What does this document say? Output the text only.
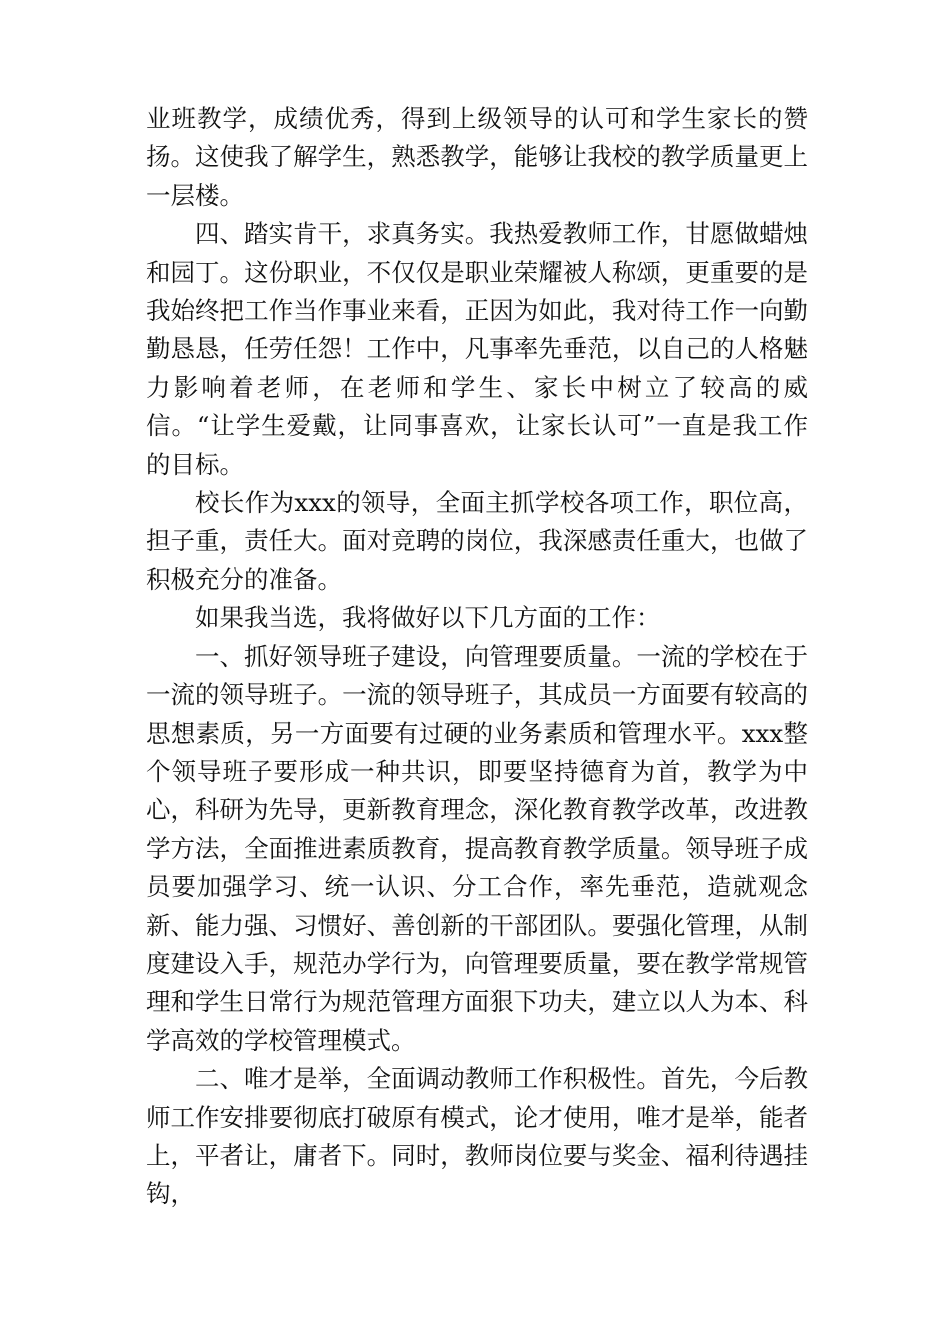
业班教学，成绩优秀，得到上级领导的认可和学生家长的赞扬。这使我了解学生，熟悉教学，能够让我校的教学质量更上一层楼。

四、踏实肯干，求真务实。我热爱教师工作，甘愿做蜡烛和园丁。这份职业，不仅仅是职业荣耀被人称颂，更重要的是我始终把工作当作事业来看，正因为如此，我对待工作一向勤勤恳恳，任劳任怨！工作中，凡事率先垂范，以自己的人格魅力影响着老师，在老师和学生、家长中树立了较高的威信。“让学生爱戴，让同事喜欢，让家长认可”一直是我工作的目标。

校长作为xxx的领导，全面主抓学校各项工作，职位高，担子重，责任大。面对竞聘的岗位，我深感责任重大，也做了积极充分的准备。

如果我当选，我将做好以下几方面的工作：

一、抓好领导班子建设，向管理要质量。一流的学校在于一流的领导班子。一流的领导班子，其成员一方面要有较高的思想素质，另一方面要有过硬的业务素质和管理水平。xxx整个领导班子要形成一种共识，即要坚持德育为首，教学为中心，科研为先导，更新教育理念，深化教育教学改革，改进教学方法，全面推进素质教育，提高教育教学质量。领导班子成员要加强学习、统一认识、分工合作，率先垂范，造就观念新、能力强、习惯好、善创新的干部团队。要强化管理，从制度建设入手，规范办学行为，向管理要质量，要在教学常规管理和学生日常行为规范管理方面狠下功夫，建立以人为本、科学高效的学校管理模式。

二、唯才是举，全面调动教师工作积极性。首先，今后教师工作安排要彻底打破原有模式，论才使用，唯才是举，能者上，平者让，庸者下。同时，教师岗位要与奖金、福利待遇挂钩，
